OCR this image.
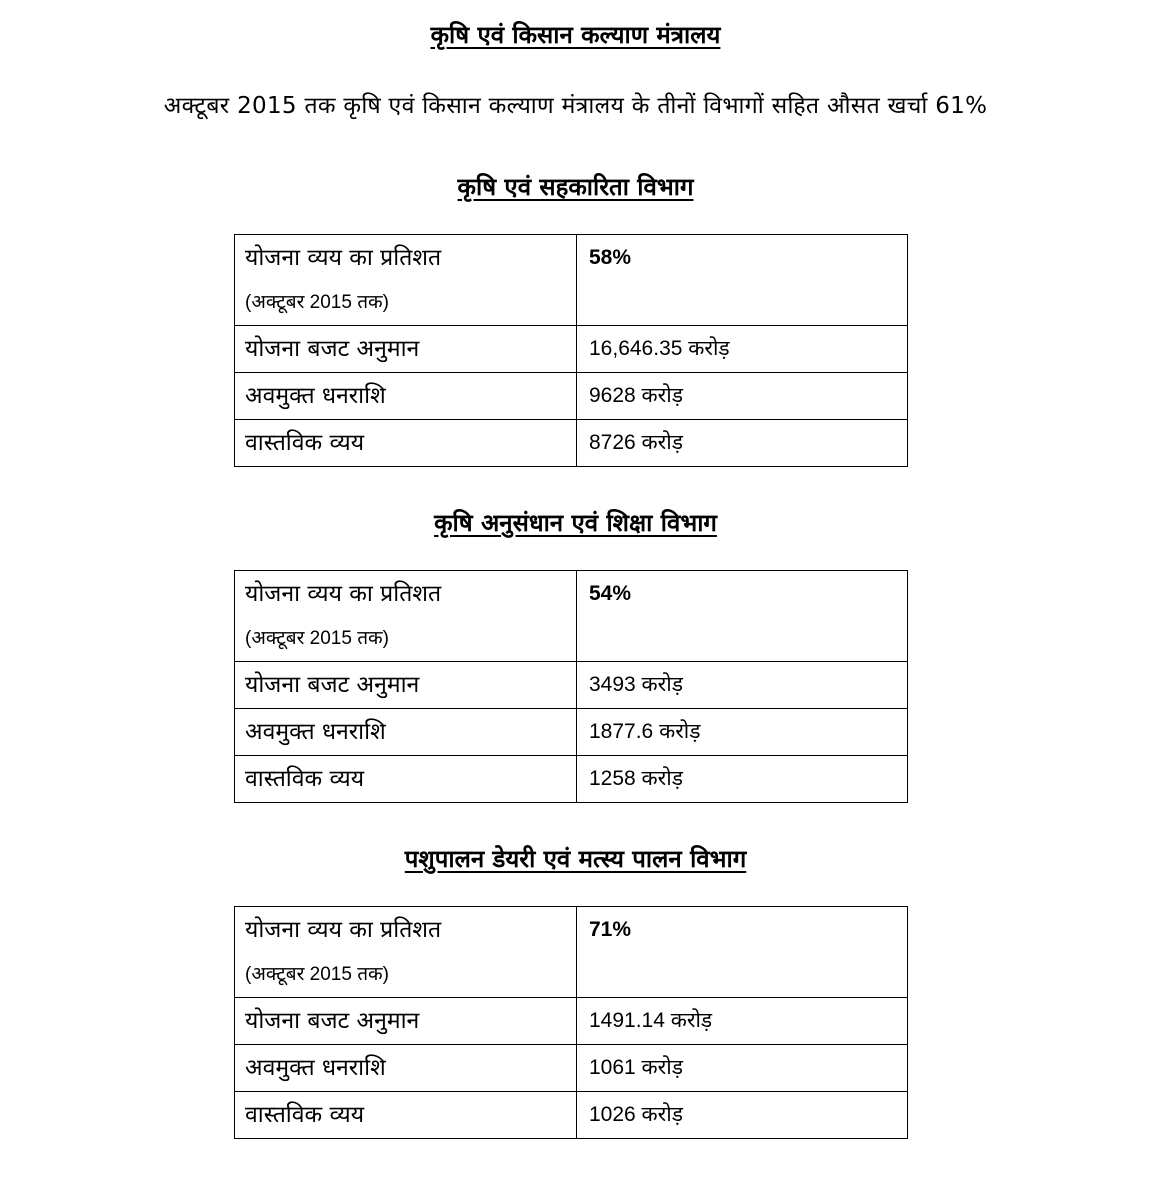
कृषि एवं किसान कल्याण मंत्रालय
अक्टूबर 2015 तक कृषि एवं किसान कल्याण मंत्रालय के तीनों विभागों सहित औसत खर्चा 61%
कृषि एवं सहकारिता विभाग
योजना व्यय का प्रतिशत
(अक्टूबर 2015 तक)	58%
योजना बजट अनुमान	16,646.35 करोड़
अवमुक्त धनराशि	9628 करोड़
वास्तविक व्यय	8726 करोड़
कृषि अनुसंधान एवं शिक्षा विभाग
योजना व्यय का प्रतिशत
(अक्टूबर 2015 तक)	54%
योजना बजट अनुमान	3493 करोड़
अवमुक्त धनराशि	1877.6 करोड़
वास्तविक व्यय	1258 करोड़
पशुपालन डेयरी एवं मत्स्य पालन विभाग
योजना व्यय का प्रतिशत
(अक्टूबर 2015 तक)	71%
योजना बजट अनुमान	1491.14 करोड़
अवमुक्त धनराशि	1061 करोड़
वास्तविक व्यय	1026 करोड़
